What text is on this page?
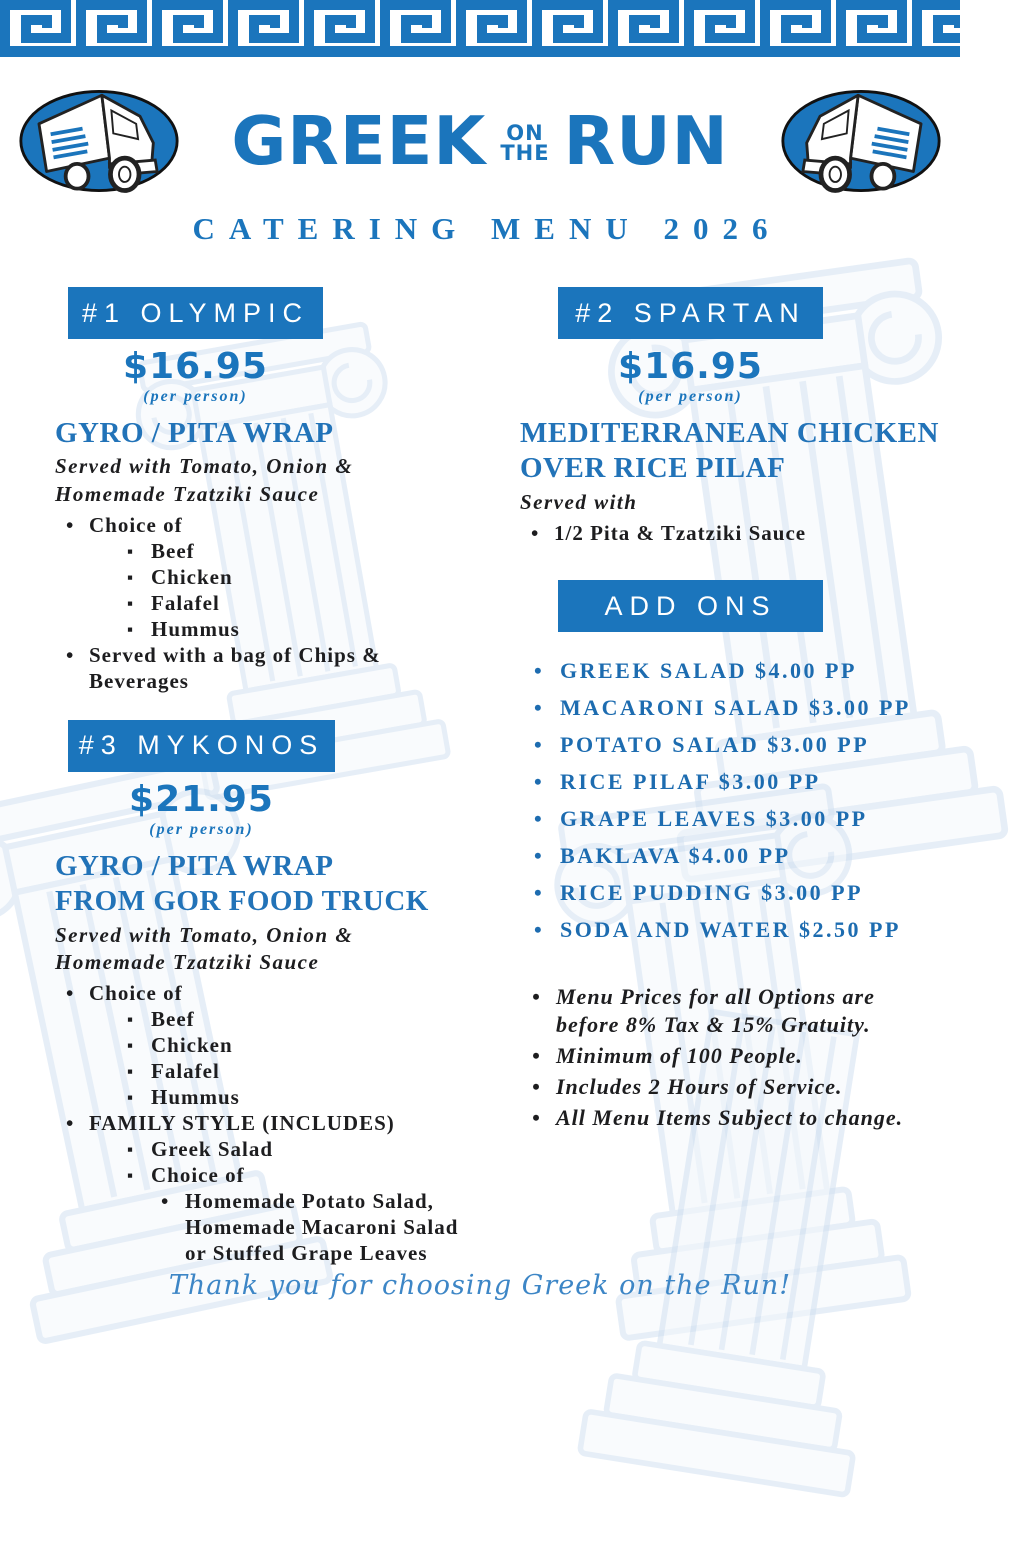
GREEK ON
THE RUN
CATERING MENU 2026
#1 OLYMPIC
$16.95
(per person)
GYRO / PITA WRAP
Served with Tomato, Onion &
Homemade Tzatziki Sauce
• Choice of
▪ Beef
▪ Chicken
▪ Falafel
▪ Hummus
• Served with a bag of Chips & Beverages
#3 MYKONOS
$21.95
(per person)
GYRO / PITA WRAP
FROM GOR FOOD TRUCK
Served with Tomato, Onion &
Homemade Tzatziki Sauce
• Choice of
▪ Beef
▪ Chicken
▪ Falafel
▪ Hummus
• FAMILY STYLE (INCLUDES)
▪ Greek Salad
▪ Choice of
• Homemade Potato Salad, Homemade Macaroni Salad or Stuffed Grape Leaves
#2 SPARTAN
$16.95
(per person)
MEDITERRANEAN CHICKEN
OVER RICE PILAF
Served with
• 1/2 Pita & Tzatziki Sauce
ADD ONS
• GREEK SALAD $4.00 PP
• MACARONI SALAD $3.00 PP
• POTATO SALAD $3.00 PP
• RICE PILAF $3.00 PP
• GRAPE LEAVES $3.00 PP
• BAKLAVA $4.00 PP
• RICE PUDDING $3.00 PP
• SODA AND WATER $2.50 PP
• Menu Prices for all Options are before 8% Tax & 15% Gratuity.
• Minimum of 100 People.
• Includes 2 Hours of Service.
• All Menu Items Subject to change.
Thank you for choosing Greek on the Run!
